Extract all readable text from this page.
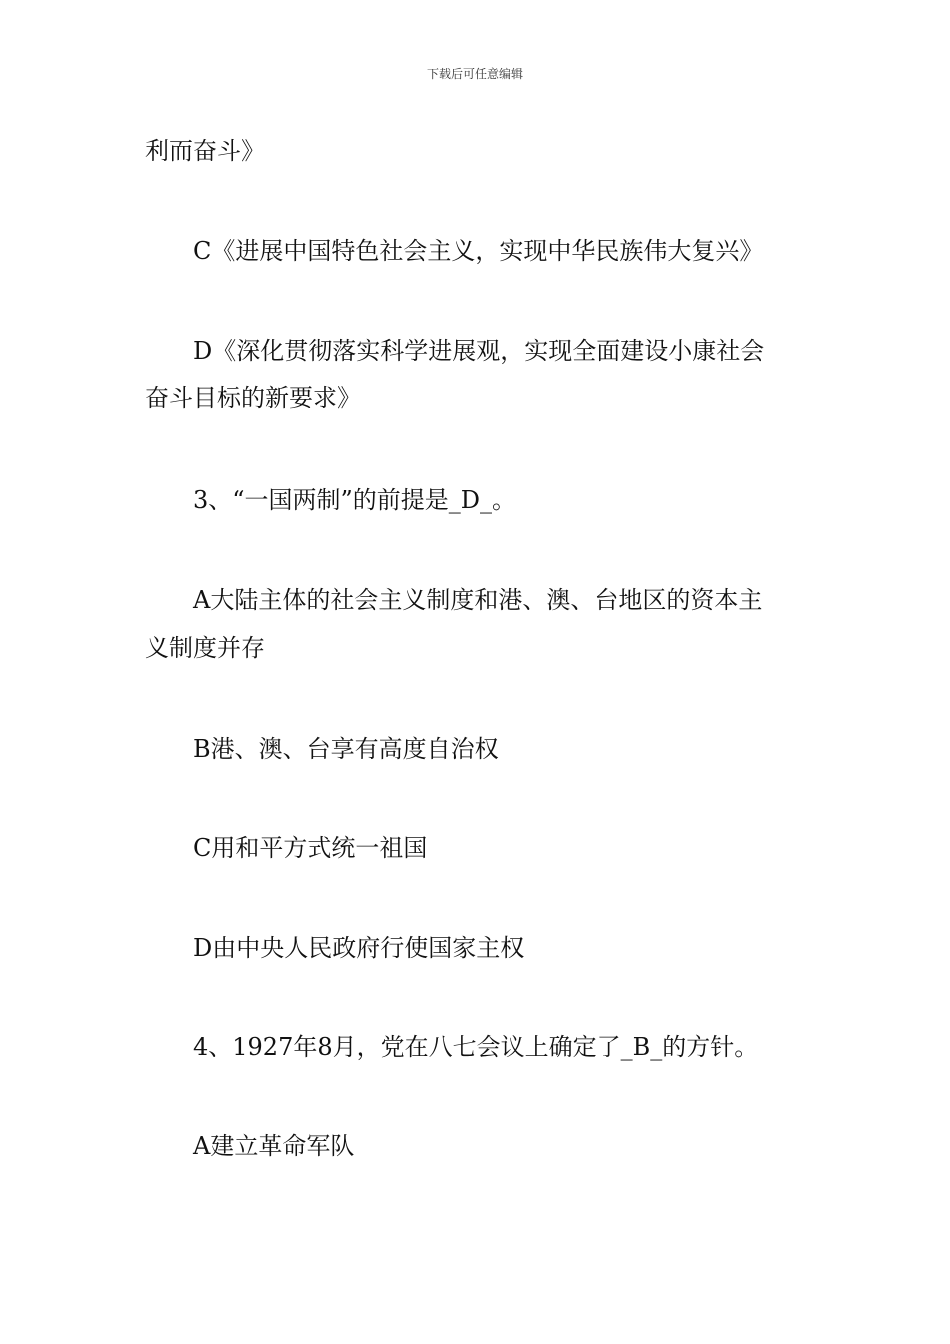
下载后可任意编辑
利而奋斗》
C《进展中国特色社会主义，实现中华民族伟大复兴》
D《深化贯彻落实科学进展观，实现全面建设小康社会
奋斗目标的新要求》
3、“一国两制”的前提是_D_。
A大陆主体的社会主义制度和港、澳、台地区的资本主
义制度并存
B港、澳、台享有高度自治权
C用和平方式统一祖国
D由中央人民政府行使国家主权
4、1927年8月，党在八七会议上确定了_B_的方针。
A建立革命军队
